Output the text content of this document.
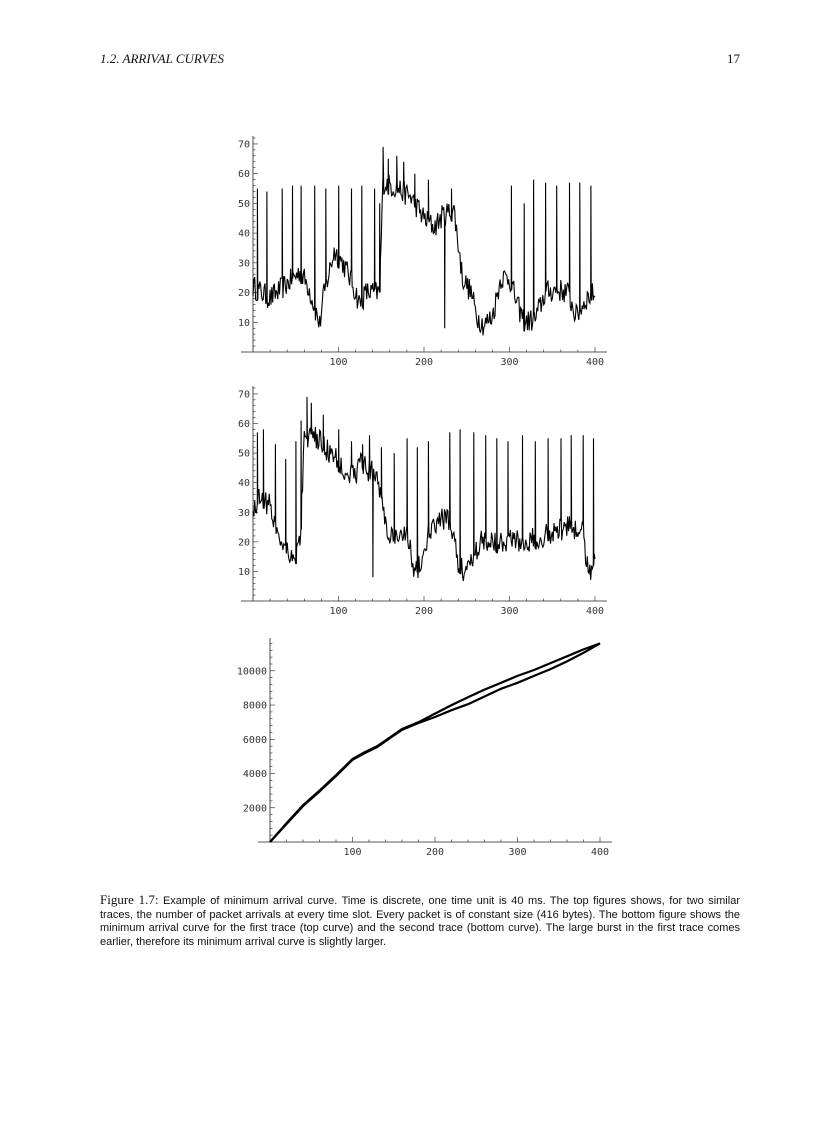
1.2. ARRIVAL CURVES	17
100	200	300	400
10
20
30
40
50
60
70
100	200	300	400
10
20
30
40
50
60
70
100	200	300	400
2000
4000
6000
8000
10000
Figure 1.7: Example of minimum arrival curve. Time is discrete, one time unit is 40 ms. The top figures shows, for two similar traces, the number of packet arrivals at every time slot. Every packet is of constant size (416 bytes). The bottom figure shows the minimum arrival curve for the first trace (top curve) and the second trace (bottom curve). The large burst in the first trace comes earlier, therefore its minimum arrival curve is slightly larger.
